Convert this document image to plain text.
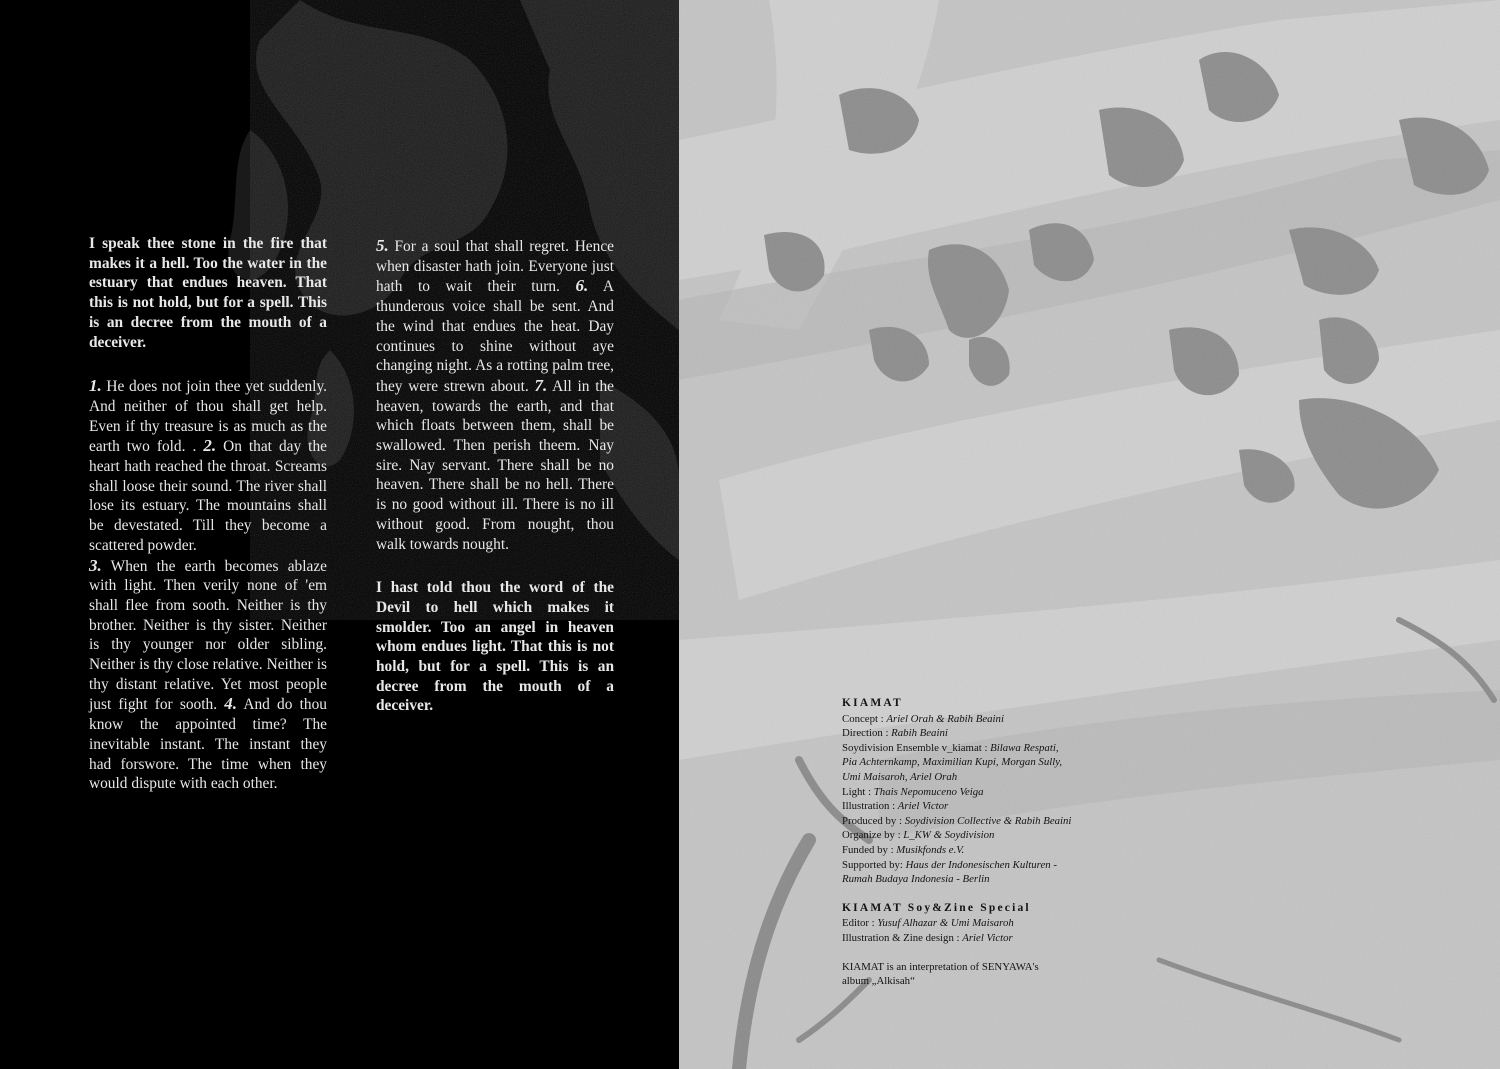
I speak thee stone in the fire that makes it a hell. Too the water in the estuary that endues heaven. That this is not hold, but for a spell. This is an decree from the mouth of a deceiver.

1. He does not join thee yet suddenly. And neither of thou shall get help. Even if thy treasure is as much as the earth two fold. . 2. On that day the heart hath reached the throat. Screams shall loose their sound. The river shall lose its estuary. The mountains shall be devestated. Till they become a scattered powder.

3. When the earth becomes ablaze with light. Then verily none of 'em shall flee from sooth. Neither is thy brother. Neither is thy sister. Neither is thy younger nor older sibling. Neither is thy close relative. Neither is thy distant relative. Yet most people just fight for sooth. 4. And do thou know the appointed time? The inevitable instant. The instant they had forswore. The time when they would dispute with each other.

5. For a soul that shall regret. Hence when disaster hath join. Everyone just hath to wait their turn. 6. A thunderous voice shall be sent. And the wind that endues the heat. Day continues to shine without aye changing night. As a rotting palm tree, they were strewn about. 7. All in the heaven, towards the earth, and that which floats between them, shall be swallowed. Then perish theem. Nay sire. Nay servant. There shall be no heaven. There shall be no hell. There is no good without ill. There is no ill without good. From nought, thou walk towards nought.

I hast told thou the word of the Devil to hell which makes it smolder. Too an angel in heaven whom endues light. That this is not hold, but for a spell. This is an decree from the mouth of a deceiver.	KIAMAT
Concept : Ariel Orah & Rabih Beaini
Direction : Rabih Beaini
Soydivision Ensemble v_kiamat : Bilawa Respati,
Pia Achternkamp, Maximilian Kupi, Morgan Sully,
Umi Maisaroh, Ariel Orah
Light : Thais Nepomuceno Veiga
Illustration : Ariel Victor
Produced by : Soydivision Collective & Rabih Beaini
Organize by : L_KW & Soydivision
Funded by : Musikfonds e.V.
Supported by: Haus der Indonesischen Kulturen -
Rumah Budaya Indonesia - Berlin
KIAMAT Soy&Zine Special
Editor : Yusuf Alhazar & Umi Maisaroh
Illustration & Zine design : Ariel Victor
KIAMAT is an interpretation of SENYAWA's
album „Alkisah“
